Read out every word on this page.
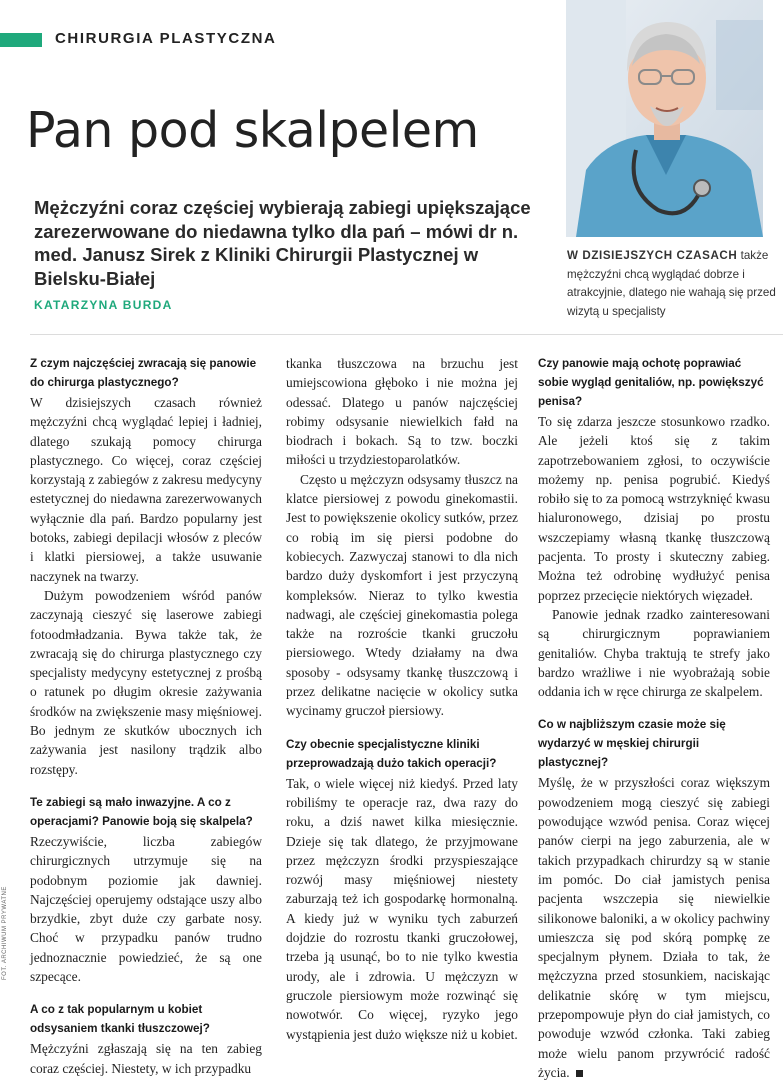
CHIRURGIA PLASTYCZNA
Pan pod skalpelem

Mężczyźni coraz częściej wybierają zabiegi upiększające zarezerwowane do niedawna tylko dla pań – mówi dr n. med. Janusz Sirek z Kliniki Chirurgii Plastycznej w Bielsku-Białej

KATARZYNA BURDA

W DZISIEJSZYCH CZASACH także mężczyźni chcą wyglądać dobrze i atrakcyjnie, dlatego nie wahają się przed wizytą u specjalisty

Z czym najczęściej zwracają się panowie do chirurga plastycznego?

W dzisiejszych czasach również mężczyźni chcą wyglądać lepiej i ładniej, dlatego szukają pomocy chirurga plastycznego. Co więcej, coraz częściej korzystają z zabiegów z zakresu medycyny estetycznej do niedawna zarezerwowanych wyłącznie dla pań. Bardzo popularny jest botoks, zabiegi depilacji włosów z pleców i klatki piersiowej, a także usuwanie naczynek na twarzy.

Dużym powodzeniem wśród panów zaczynają cieszyć się laserowe zabiegi fotoodmładzania. Bywa także tak, że zwracają się do chirurga plastycznego czy specjalisty medycyny estetycznej z prośbą o ratunek po długim okresie zażywania środków na zwiększenie masy mięśniowej. Bo jednym ze skutków ubocznych ich zażywania jest nasilony trądzik albo rozstępy.

Te zabiegi są mało inwazyjne. A co z operacjami? Panowie boją się skalpela?

Rzeczywiście, liczba zabiegów chirurgicznych utrzymuje się na podobnym poziomie jak dawniej. Najczęściej operujemy odstające uszy albo brzydkie, zbyt duże czy garbate nosy. Choć w przypadku panów trudno jednoznacznie powiedzieć, że są one szpecące.

A co z tak popularnym u kobiet odsysaniem tkanki tłuszczowej?

Mężczyźni zgłaszają się na ten zabieg coraz częściej. Niestety, w ich przypadku

tkanka tłuszczowa na brzuchu jest umiejscowiona głęboko i nie można jej odessać. Dlatego u panów najczęściej robimy odsysanie niewielkich fałd na biodrach i bokach. Są to tzw. boczki miłości u trzydziestoparolatków.

Często u mężczyzn odsysamy tłuszcz na klatce piersiowej z powodu ginekomastii. Jest to powiększenie okolicy sutków, przez co robią im się piersi podobne do kobiecych. Zazwyczaj stanowi to dla nich bardzo duży dyskomfort i jest przyczyną kompleksów. Nieraz to tylko kwestia nadwagi, ale częściej ginekomastia polega także na rozroście tkanki gruczołu piersiowego. Wtedy działamy na dwa sposoby - odsysamy tkankę tłuszczową i przez delikatne nacięcie w okolicy sutka wycinamy gruczoł piersiowy.

Czy obecnie specjalistyczne kliniki przeprowadzają dużo takich operacji?

Tak, o wiele więcej niż kiedyś. Przed laty robiliśmy te operacje raz, dwa razy do roku, a dziś nawet kilka miesięcznie. Dzieje się tak dlatego, że przyjmowane przez mężczyzn środki przyspieszające rozwój masy mięśniowej niestety zaburzają też ich gospodarkę hormonalną. A kiedy już w wyniku tych zaburzeń dojdzie do rozrostu tkanki gruczołowej, trzeba ją usunąć, bo to nie tylko kwestia urody, ale i zdrowia. U mężczyzn w gruczole piersiowym może rozwinąć się nowotwór. Co więcej, ryzyko jego wystąpienia jest dużo większe niż u kobiet.

Czy panowie mają ochotę poprawiać sobie wygląd genitaliów, np. powiększyć penisa?

To się zdarza jeszcze stosunkowo rzadko. Ale jeżeli ktoś się z takim zapotrzebowaniem zgłosi, to oczywiście możemy np. penisa pogrubić. Kiedyś robiło się to za pomocą wstrzyknięć kwasu hialuronowego, dzisiaj po prostu wszczepiamy własną tkankę tłuszczową pacjenta. To prosty i skuteczny zabieg. Można też odrobinę wydłużyć penisa poprzez przecięcie niektórych więzadeł.

Panowie jednak rzadko zainteresowani są chirurgicznym poprawianiem genitaliów. Chyba traktują te strefy jako bardzo wrażliwe i nie wyobrażają sobie oddania ich w ręce chirurga ze skalpelem.

Co w najbliższym czasie może się wydarzyć w męskiej chirurgii plastycznej?

Myślę, że w przyszłości coraz większym powodzeniem mogą cieszyć się zabiegi powodujące wzwód penisa. Coraz więcej panów cierpi na jego zaburzenia, ale w takich przypadkach chirurdzy są w stanie im pomóc. Do ciał jamistych penisa pacjenta wszczepia się niewielkie silikonowe baloniki, a w okolicy pachwiny umieszcza się pod skórą pompkę ze specjalnym płynem. Działa to tak, że mężczyzna przed stosunkiem, naciskając delikatnie skórę w tym miejscu, przepompowuje płyn do ciał jamistych, co powoduje wzwód członka. Taki zabieg może wielu panom przywrócić radość życia.

FOT. ARCHIWUM PRYWATNE
